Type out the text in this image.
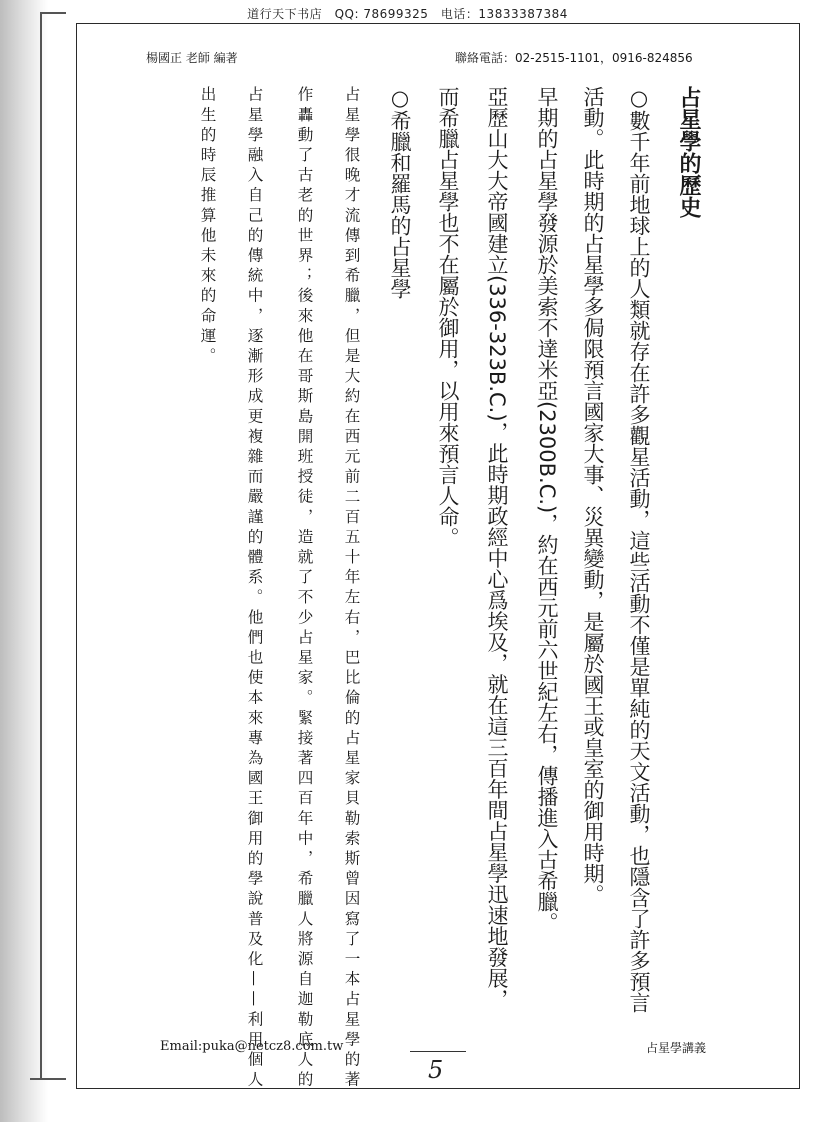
道行天下书店　QQ: 78699325　电话：13833387384
楊國正 老師 編著	聯絡電話：02-2515-1101，0916-824856
占星學的歷史
○數千年前地球上的人類就存在許多觀星活動，這些活動不僅是單純的天文活動，也隱含了許多預言
活動。此時期的占星學多侷限預言國家大事、災異變動，是屬於國王或皇室的御用時期。
早期的占星學發源於美索不達米亞(2300B.C.)，約在西元前六世紀左右，傳播進入古希臘。
亞歷山大大帝國建立(336-323B.C.)，此時期政經中心爲埃及，就在這三百年間占星學迅速地發展，
而希臘占星學也不在屬於御用，以用來預言人命。
○希臘和羅馬的占星學
占星學很晚才流傳到希臘，但是大約在西元前二百五十年左右，巴比倫的占星家貝勒索斯曾因寫了一本占星學的著
作轟動了古老的世界；後來他在哥斯島開班授徒，造就了不少占星家。緊接著四百年中，希臘人將源自迦勒底人的
占星學融入自己的傳統中，逐漸形成更複雜而嚴謹的體系。他們也使本來專為國王御用的學說普及化——利用個人
出生的時辰推算他未來的命運。
Email:puka@netcz8.com.tw	占星學講義
5
